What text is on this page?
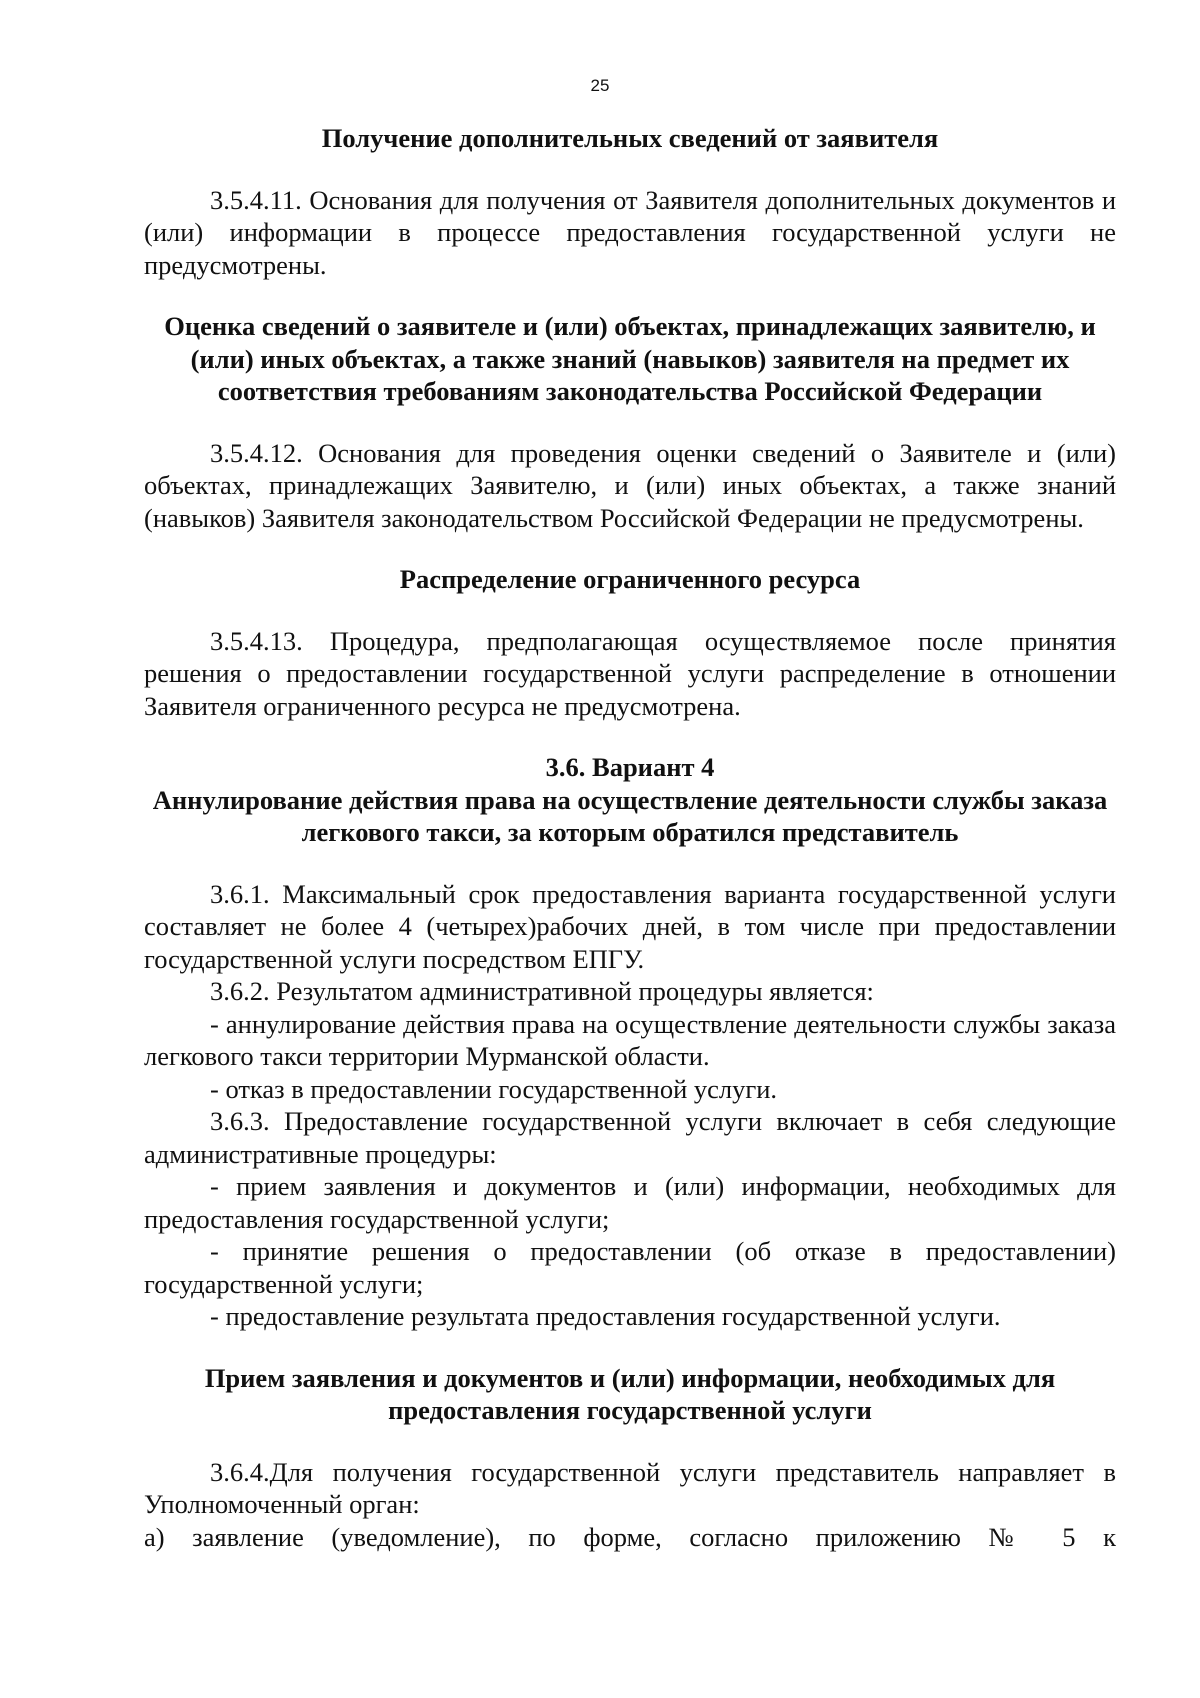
25

Получение дополнительных сведений от заявителя

3.5.4.11. Основания для получения от Заявителя дополнительных документов и (или) информации в процессе предоставления государственной услуги не предусмотрены.

Оценка сведений о заявителе и (или) объектах, принадлежащих заявителю, и (или) иных объектах, а также знаний (навыков) заявителя на предмет их соответствия требованиям законодательства Российской Федерации

3.5.4.12. Основания для проведения оценки сведений о Заявителе и (или) объектах, принадлежащих Заявителю, и (или) иных объектах, а также знаний (навыков) Заявителя законодательством Российской Федерации не предусмотрены.

Распределение ограниченного ресурса

3.5.4.13. Процедура, предполагающая осуществляемое после принятия решения о предоставлении государственной услуги распределение в отношении Заявителя ограниченного ресурса не предусмотрена.

3.6. Вариант 4

Аннулирование действия права на осуществление деятельности службы заказа легкового такси, за которым обратился представитель

3.6.1. Максимальный срок предоставления варианта государственной услуги составляет не более 4 (четырех)рабочих дней, в том числе при предоставлении государственной услуги посредством ЕПГУ.

3.6.2. Результатом административной процедуры является:

- аннулирование действия права на осуществление деятельности службы заказа легкового такси территории Мурманской области.

- отказ в предоставлении государственной услуги.

3.6.3. Предоставление государственной услуги включает в себя следующие административные процедуры:

- прием заявления и документов и (или) информации, необходимых для предоставления государственной услуги;

- принятие решения о предоставлении (об отказе в предоставлении) государственной услуги;

- предоставление результата предоставления государственной услуги.

Прием заявления и документов и (или) информации, необходимых для предоставления государственной услуги

3.6.4.Для получения государственной услуги представитель направляет в Уполномоченный орган:

а) заявление (уведомление), по форме, согласно приложению № 5 к
